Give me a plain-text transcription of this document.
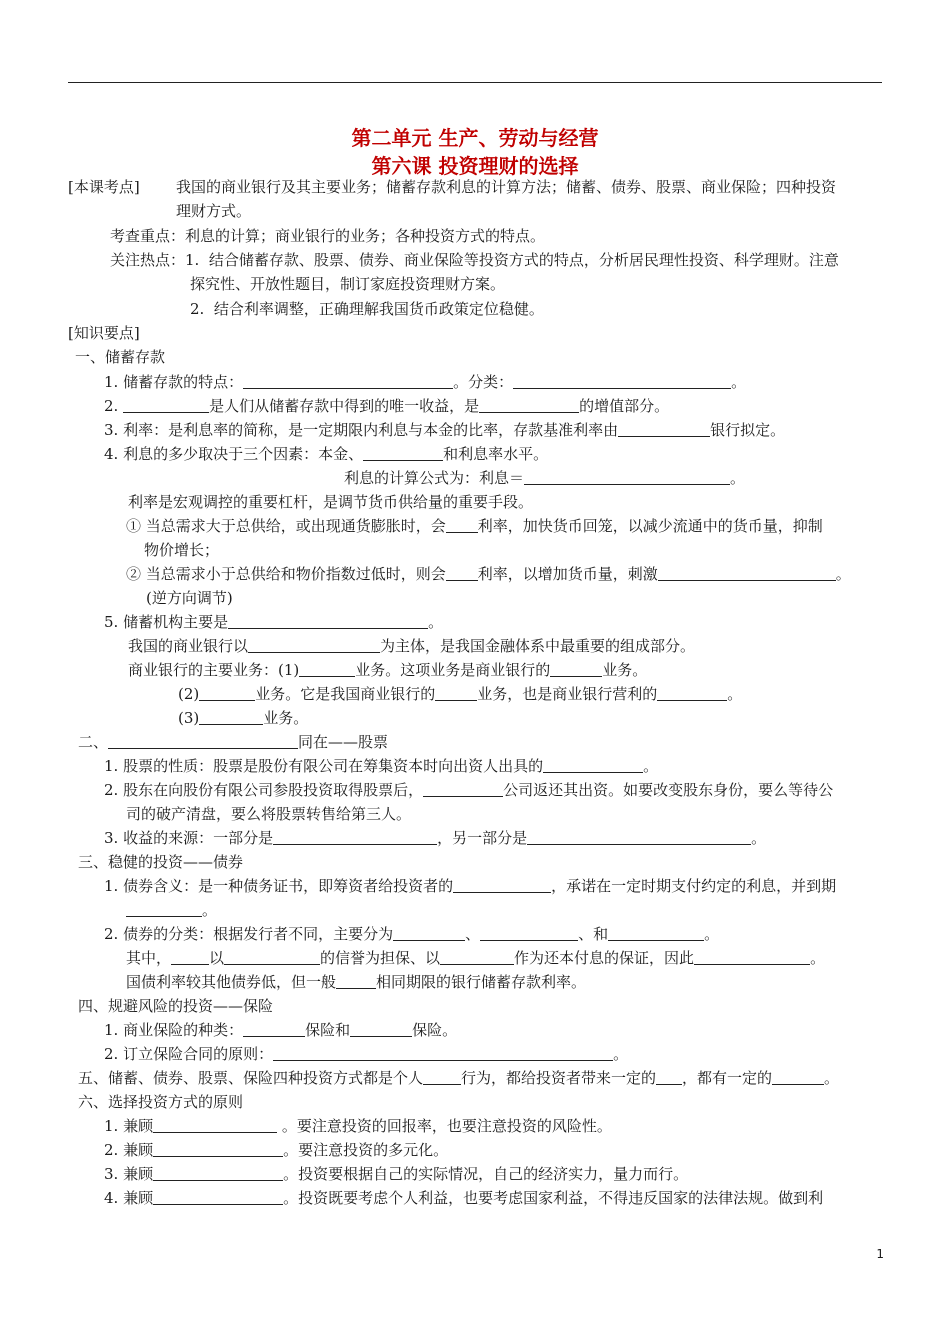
第二单元 生产、劳动与经营
第六课 投资理财的选择
[本课考点] 我国的商业银行及其主要业务；储蓄存款利息的计算方法；储蓄、债券、股票、商业保险；四种投资
理财方式。
考查重点：利息的计算；商业银行的业务；各种投资方式的特点。
关注热点：1.  结合储蓄存款、股票、债券、商业保险等投资方式的特点，分析居民理性投资、科学理财。注意
探究性、开放性题目，制订家庭投资理财方案。
2.  结合利率调整，正确理解我国货币政策定位稳健。
[知识要点]
一、储蓄存款
1. 储蓄存款的特点：	。分类：	。
2.	是人们从储蓄存款中得到的唯一收益，是	的增值部分。
3. 利率：是利息率的简称，是一定期限内利息与本金的比率，存款基准利率由	银行拟定。
4. 利息的多少取决于三个因素：本金、	和利息率水平。
利息的计算公式为：利息＝	。
利率是宏观调控的重要杠杆，是调节货币供给量的重要手段。
① 当总需求大于总供给，或出现通货膨胀时，会 利率，加快货币回笼，以减少流通中的货币量，抑制
物价增长；
② 当总需求小于总供给和物价指数过低时，则会 利率，以增加货币量，刺激	。
(逆方向调节)
5. 储蓄机构主要是	。
我国的商业银行以	为主体，是我国金融体系中最重要的组成部分。
商业银行的主要业务：(1)	业务。这项业务是商业银行的	业务。
(2)	业务。它是我国商业银行的	业务，也是商业银行营利的	。
(3)	业务。
二、	同在——股票
1. 股票的性质：股票是股份有限公司在筹集资本时向出资人出具的	。
2. 股东在向股份有限公司参股投资取得股票后，	公司返还其出资。如要改变股东身份，要么等待公
司的破产清盘，要么将股票转售给第三人。
3. 收益的来源：一部分是	，另一部分是	。
三、稳健的投资——债券
1. 债券含义：是一种债务证书，即筹资者给投资者的	，承诺在一定时期支付约定的利息，并到期
。
2. 债券的分类：根据发行者不同，主要分为	、	、和	。
其中，	以	的信誉为担保、以	作为还本付息的保证，因此	。
国债利率较其他债券低，但一般	相同期限的银行储蓄存款利率。
四、规避风险的投资——保险
1. 商业保险的种类：	保险和	保险。
2. 订立保险合同的原则：	。
五、储蓄、债券、股票、保险四种投资方式都是个人	行为，都给投资者带来一定的 ，都有一定的	。
六、选择投资方式的原则
1. 兼顾	。要注意投资的回报率，也要注意投资的风险性。
2. 兼顾	。要注意投资的多元化。
3. 兼顾	。投资要根据自己的实际情况，自己的经济实力，量力而行。
4. 兼顾	。投资既要考虑个人利益，也要考虑国家利益，不得违反国家的法律法规。做到利
1
